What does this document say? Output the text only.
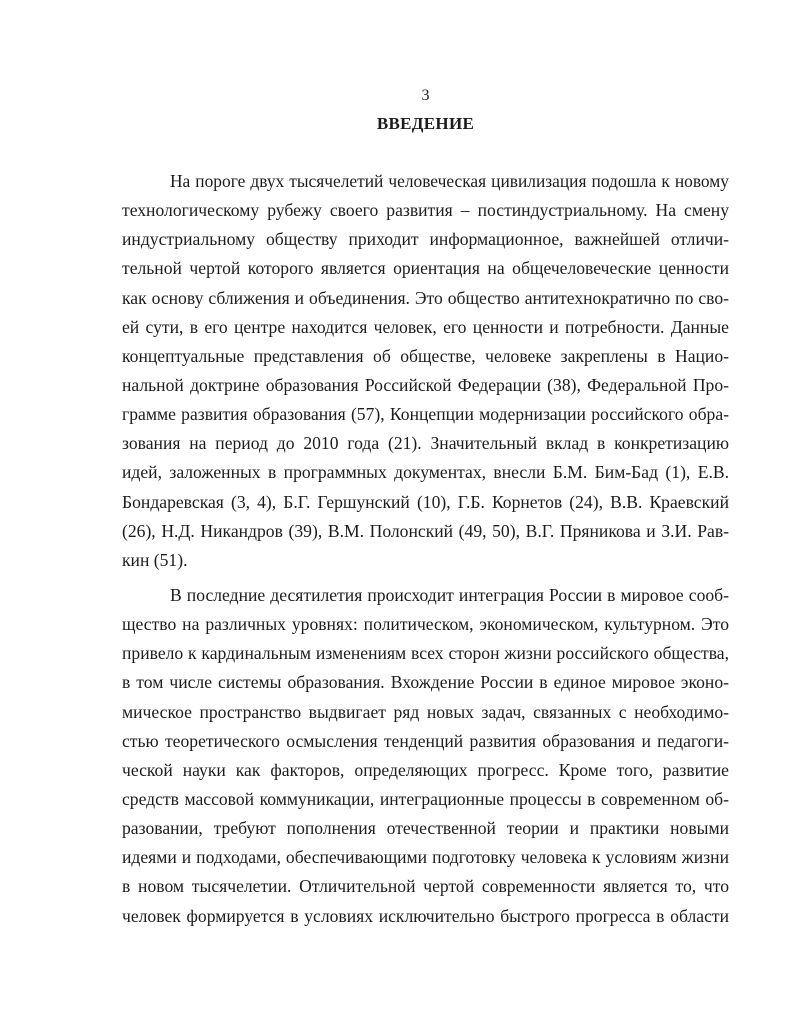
3
ВВЕДЕНИЕ
На пороге двух тысячелетий человеческая цивилизация подошла к новому
технологическому рубежу своего развития – постиндустриальному. На смену
индустриальному обществу приходит информационное, важнейшей отличи-
тельной чертой которого является ориентация на общечеловеческие ценности
как основу сближения и объединения. Это общество антитехнократично по сво-
ей сути, в его центре находится человек, его ценности и потребности. Данные
концептуальные представления об обществе, человеке закреплены в Нацио-
нальной доктрине образования Российской Федерации (38), Федеральной Про-
грамме развития образования (57), Концепции модернизации российского обра-
зования на период до 2010 года (21). Значительный вклад в конкретизацию
идей, заложенных в программных документах, внесли Б.М. Бим-Бад (1), Е.В.
Бондаревская (3, 4), Б.Г. Гершунский (10), Г.Б. Корнетов (24), В.В. Краевский
(26), Н.Д. Никандров (39), В.М. Полонский (49, 50), В.Г. Пряникова и З.И. Рав-
кин (51).
В последние десятилетия происходит интеграция России в мировое сооб-
щество на различных уровнях: политическом, экономическом, культурном. Это
привело к кардинальным изменениям всех сторон жизни российского общества,
в том числе системы образования. Вхождение России в единое мировое эконо-
мическое пространство выдвигает ряд новых задач, связанных с необходимо-
стью теоретического осмысления тенденций развития образования и педагоги-
ческой науки как факторов, определяющих прогресс. Кроме того, развитие
средств массовой коммуникации, интеграционные процессы в современном об-
разовании, требуют пополнения отечественной теории и практики новыми
идеями и подходами, обеспечивающими подготовку человека к условиям жизни
в новом тысячелетии. Отличительной чертой современности является то, что
человек формируется в условиях исключительно быстрого прогресса в области
